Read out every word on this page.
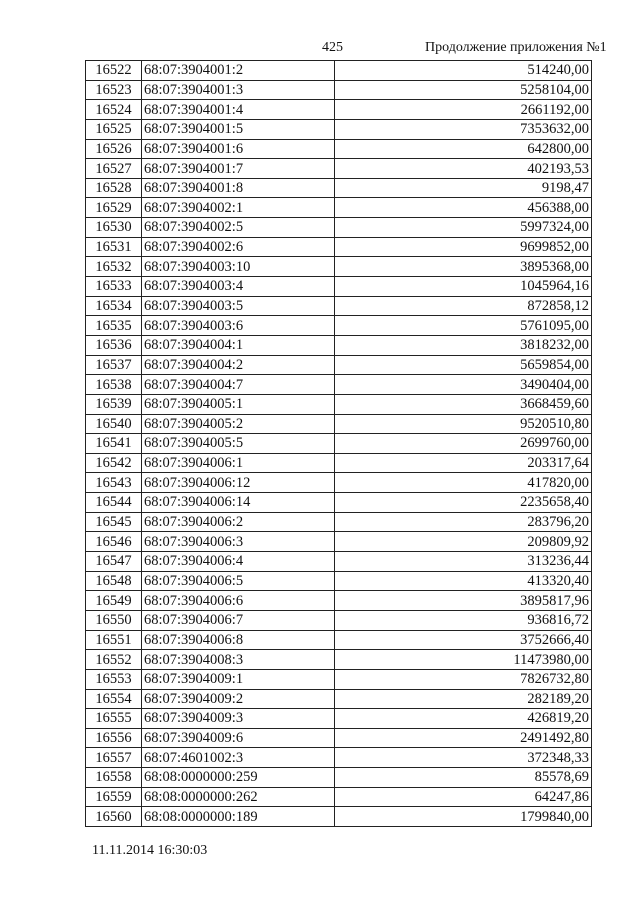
425	Продолжение приложения №1
16522	68:07:3904001:2	514240,00
16523	68:07:3904001:3	5258104,00
16524	68:07:3904001:4	2661192,00
16525	68:07:3904001:5	7353632,00
16526	68:07:3904001:6	642800,00
16527	68:07:3904001:7	402193,53
16528	68:07:3904001:8	9198,47
16529	68:07:3904002:1	456388,00
16530	68:07:3904002:5	5997324,00
16531	68:07:3904002:6	9699852,00
16532	68:07:3904003:10	3895368,00
16533	68:07:3904003:4	1045964,16
16534	68:07:3904003:5	872858,12
16535	68:07:3904003:6	5761095,00
16536	68:07:3904004:1	3818232,00
16537	68:07:3904004:2	5659854,00
16538	68:07:3904004:7	3490404,00
16539	68:07:3904005:1	3668459,60
16540	68:07:3904005:2	9520510,80
16541	68:07:3904005:5	2699760,00
16542	68:07:3904006:1	203317,64
16543	68:07:3904006:12	417820,00
16544	68:07:3904006:14	2235658,40
16545	68:07:3904006:2	283796,20
16546	68:07:3904006:3	209809,92
16547	68:07:3904006:4	313236,44
16548	68:07:3904006:5	413320,40
16549	68:07:3904006:6	3895817,96
16550	68:07:3904006:7	936816,72
16551	68:07:3904006:8	3752666,40
16552	68:07:3904008:3	11473980,00
16553	68:07:3904009:1	7826732,80
16554	68:07:3904009:2	282189,20
16555	68:07:3904009:3	426819,20
16556	68:07:3904009:6	2491492,80
16557	68:07:4601002:3	372348,33
16558	68:08:0000000:259	85578,69
16559	68:08:0000000:262	64247,86
16560	68:08:0000000:189	1799840,00
11.11.2014 16:30:03
